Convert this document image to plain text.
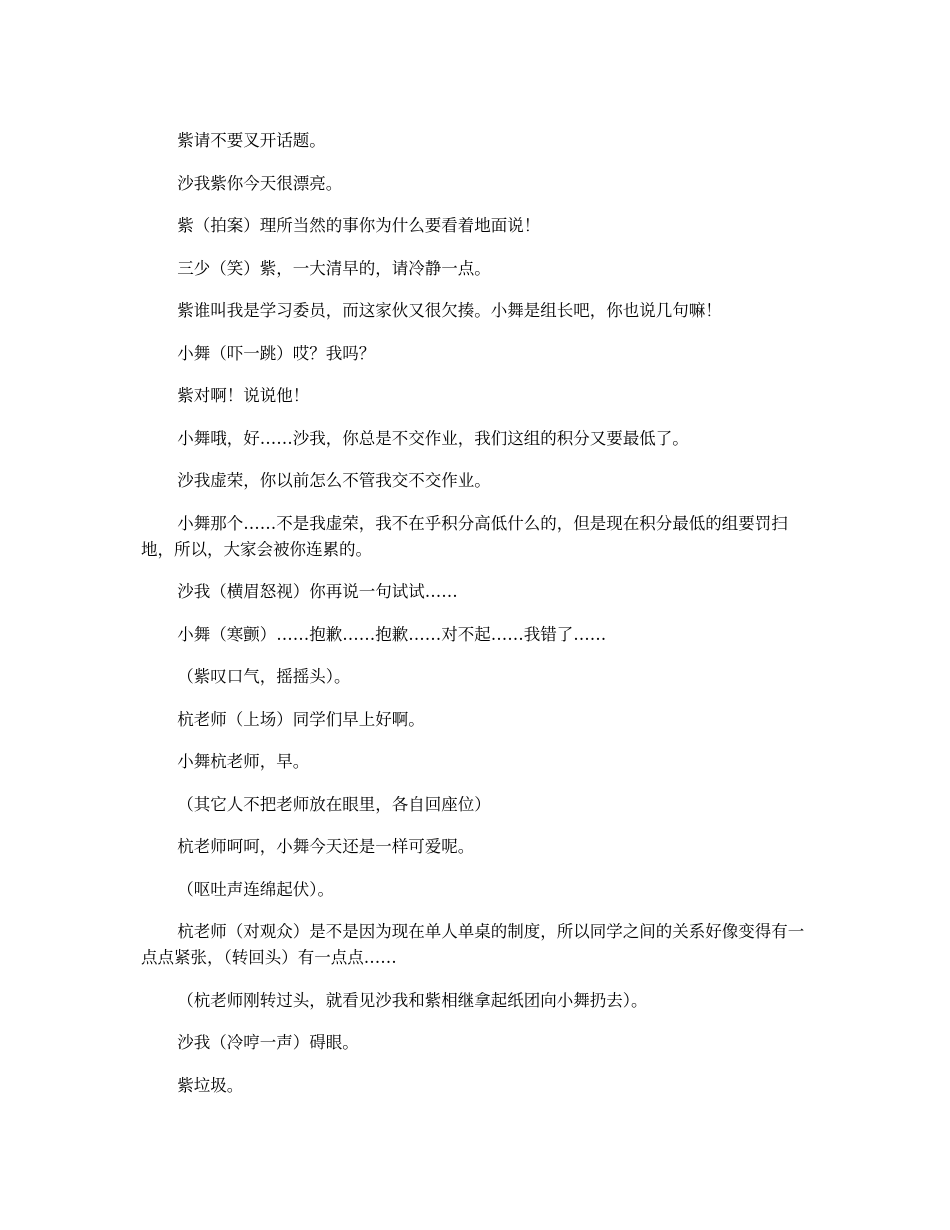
紫请不要叉开话题。

沙我紫你今天很漂亮。

紫（拍案）理所当然的事你为什么要看着地面说！

三少（笑）紫，一大清早的，请冷静一点。

紫谁叫我是学习委员，而这家伙又很欠揍。小舞是组长吧，你也说几句嘛！

小舞（吓一跳）哎？我吗？

紫对啊！说说他！

小舞哦，好……沙我，你总是不交作业，我们这组的积分又要最低了。

沙我虚荣，你以前怎么不管我交不交作业。

小舞那个……不是我虚荣，我不在乎积分高低什么的，但是现在积分最低的组要罚扫地，所以，大家会被你连累的。

沙我（横眉怒视）你再说一句试试……

小舞（寒颤）……抱歉……抱歉……对不起……我错了……

（紫叹口气，摇摇头）。

杭老师（上场）同学们早上好啊。

小舞杭老师，早。

（其它人不把老师放在眼里，各自回座位）

杭老师呵呵，小舞今天还是一样可爱呢。

（呕吐声连绵起伏）。

杭老师（对观众）是不是因为现在单人单桌的制度，所以同学之间的关系好像变得有一点点紧张，（转回头）有一点点……

（杭老师刚转过头，就看见沙我和紫相继拿起纸团向小舞扔去）。

沙我（冷哼一声）碍眼。

紫垃圾。
